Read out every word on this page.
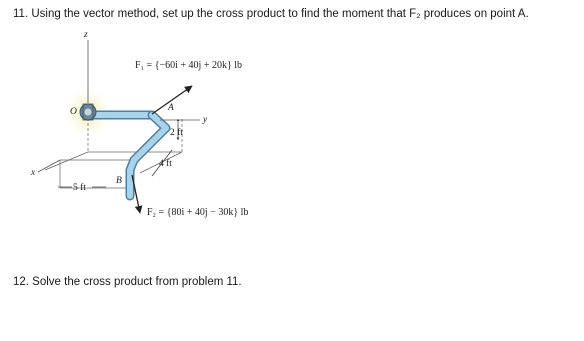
11. Using the vector method, set up the cross product to find the moment that F₂ produces on point A.
z
x
O
y
A
B
F₁ = {−60i + 40j + 20k} lb
F₂ = {80i + 40j − 30k} lb
2 ft
4 ft
5 ft
12. Solve the cross product from problem 11.
